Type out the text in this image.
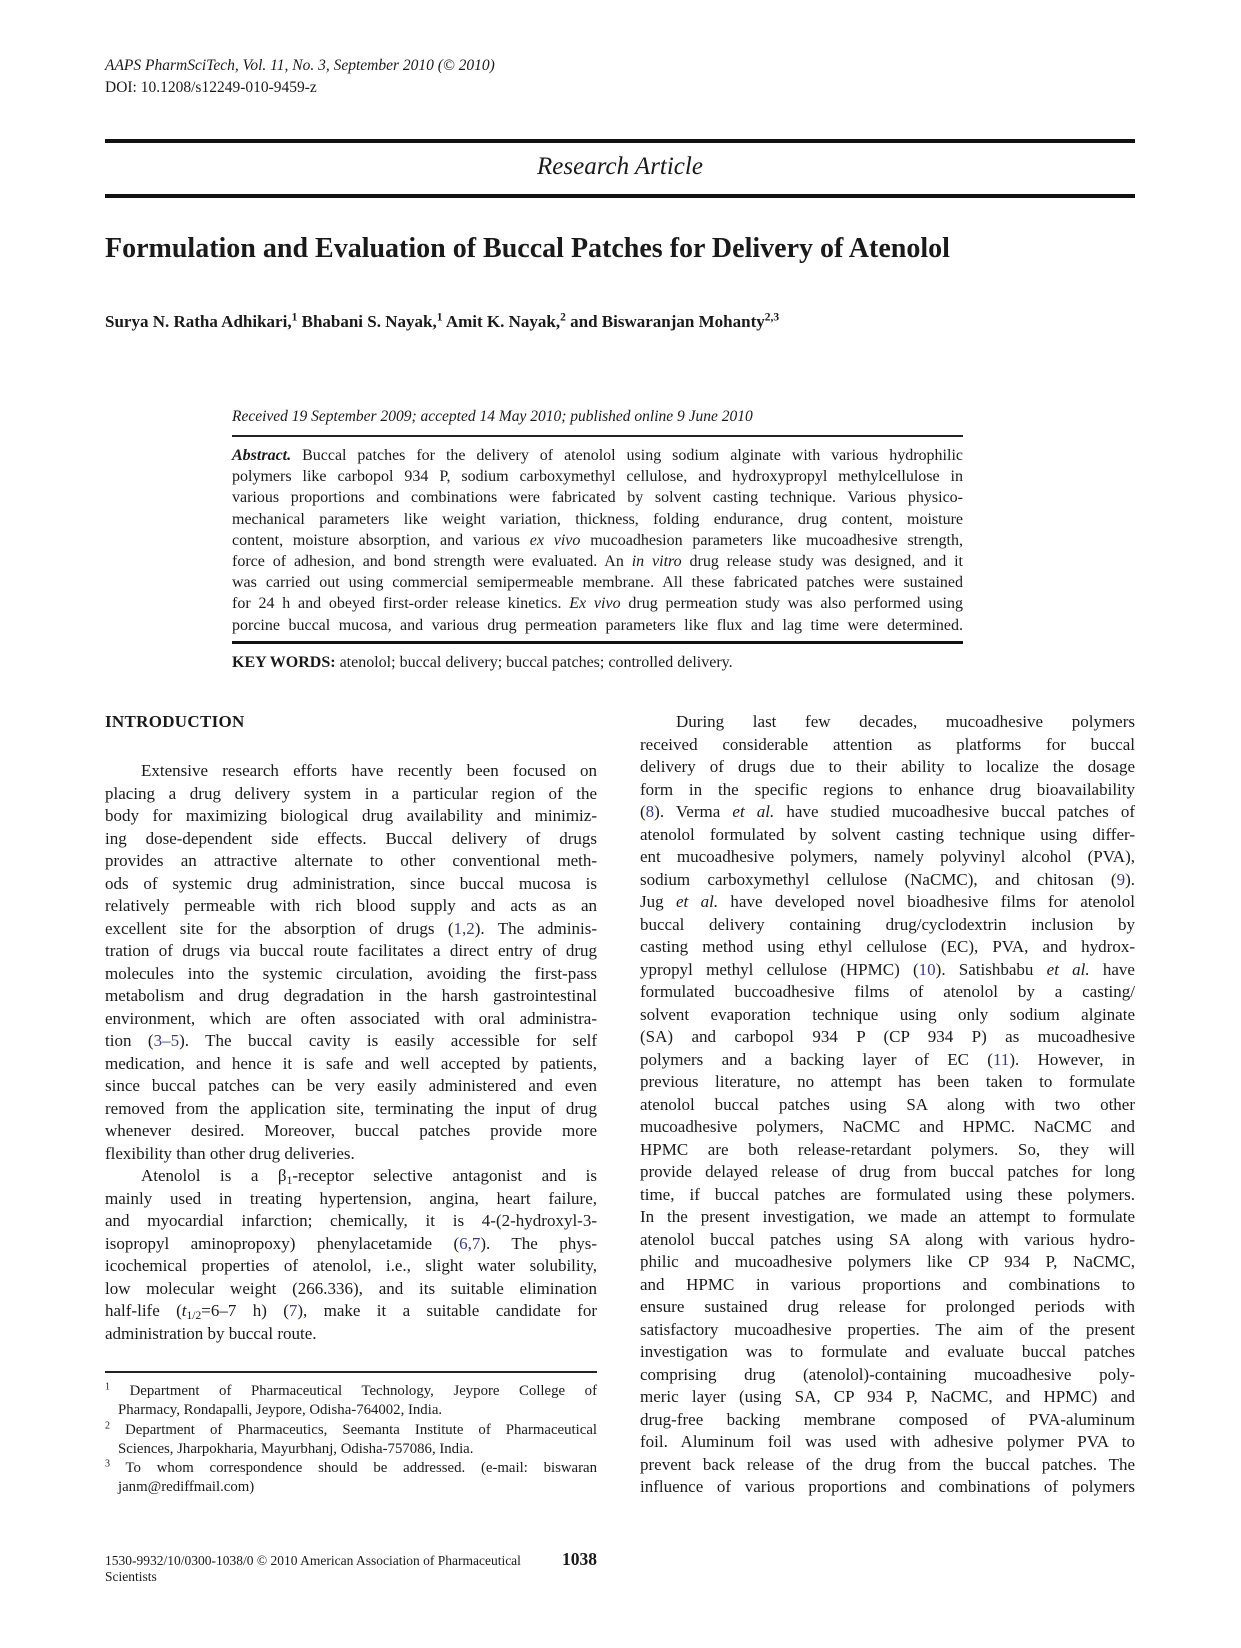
AAPS PharmSciTech, Vol. 11, No. 3, September 2010 (© 2010)
DOI: 10.1208/s12249-010-9459-z
Research Article
Formulation and Evaluation of Buccal Patches for Delivery of Atenolol
Surya N. Ratha Adhikari,$^1$ Bhabani S. Nayak,$^1$ Amit K. Nayak,$^2$ and Biswaranjan Mohanty$^{2,3}$
Received 19 September 2009; accepted 14 May 2010; published online 9 June 2010
Abstract. Buccal patches for the delivery of atenolol using sodium alginate with various hydrophilic
polymers like carbopol 934 P, sodium carboxymethyl cellulose, and hydroxypropyl methylcellulose in
various proportions and combinations were fabricated by solvent casting technique. Various physico-
mechanical parameters like weight variation, thickness, folding endurance, drug content, moisture
content, moisture absorption, and various ex vivo mucoadhesion parameters like mucoadhesive strength,
force of adhesion, and bond strength were evaluated. An in vitro drug release study was designed, and it
was carried out using commercial semipermeable membrane. All these fabricated patches were sustained
for 24 h and obeyed first-order release kinetics. Ex vivo drug permeation study was also performed using
porcine buccal mucosa, and various drug permeation parameters like flux and lag time were determined.
KEY WORDS: atenolol; buccal delivery; buccal patches; controlled delivery.
INTRODUCTION
Extensive research efforts have recently been focused on
placing a drug delivery system in a particular region of the
body for maximizing biological drug availability and minimiz-
ing dose-dependent side effects. Buccal delivery of drugs
provides an attractive alternate to other conventional meth-
ods of systemic drug administration, since buccal mucosa is
relatively permeable with rich blood supply and acts as an
excellent site for the absorption of drugs (1,2). The adminis-
tration of drugs via buccal route facilitates a direct entry of drug
molecules into the systemic circulation, avoiding the first-pass
metabolism and drug degradation in the harsh gastrointestinal
environment, which are often associated with oral administra-
tion (3–5). The buccal cavity is easily accessible for self
medication, and hence it is safe and well accepted by patients,
since buccal patches can be very easily administered and even
removed from the application site, terminating the input of drug
whenever desired. Moreover, buccal patches provide more
flexibility than other drug deliveries.
Atenolol is a $\beta_1$-receptor selective antagonist and is
mainly used in treating hypertension, angina, heart failure,
and myocardial infarction; chemically, it is 4-(2-hydroxyl-3-
isopropyl aminopropoxy) phenylacetamide (6,7). The phys-
icochemical properties of atenolol, i.e., slight water solubility,
low molecular weight (266.336), and its suitable elimination
half-life ($t_{1/2}=6-7$ h) (7), make it a suitable candidate for
administration by buccal route.
$^1$ Department of Pharmaceutical Technology, Jeypore College of
Pharmacy, Rondapalli, Jeypore, Odisha-764002, India.
$^2$ Department of Pharmaceutics, Seemanta Institute of Pharmaceutical
Sciences, Jharpokharia, Mayurbhanj, Odisha-757086, India.
$^3$ To whom correspondence should be addressed. (e-mail: biswaran
janm@rediffmail.com)
During last few decades, mucoadhesive polymers
received considerable attention as platforms for buccal
delivery of drugs due to their ability to localize the dosage
form in the specific regions to enhance drug bioavailability
(8). Verma et al. have studied mucoadhesive buccal patches of
atenolol formulated by solvent casting technique using differ-
ent mucoadhesive polymers, namely polyvinyl alcohol (PVA),
sodium carboxymethyl cellulose (NaCMC), and chitosan (9).
Jug et al. have developed novel bioadhesive films for atenolol
buccal delivery containing drug/cyclodextrin inclusion by
casting method using ethyl cellulose (EC), PVA, and hydrox-
ypropyl methyl cellulose (HPMC) (10). Satishbabu et al. have
formulated buccoadhesive films of atenolol by a casting/
solvent evaporation technique using only sodium alginate
(SA) and carbopol 934 P (CP 934 P) as mucoadhesive
polymers and a backing layer of EC (11). However, in
previous literature, no attempt has been taken to formulate
atenolol buccal patches using SA along with two other
mucoadhesive polymers, NaCMC and HPMC. NaCMC and
HPMC are both release-retardant polymers. So, they will
provide delayed release of drug from buccal patches for long
time, if buccal patches are formulated using these polymers.
In the present investigation, we made an attempt to formulate
atenolol buccal patches using SA along with various hydro-
philic and mucoadhesive polymers like CP 934 P, NaCMC,
and HPMC in various proportions and combinations to
ensure sustained drug release for prolonged periods with
satisfactory mucoadhesive properties. The aim of the present
investigation was to formulate and evaluate buccal patches
comprising drug (atenolol)-containing mucoadhesive poly-
meric layer (using SA, CP 934 P, NaCMC, and HPMC) and
drug-free backing membrane composed of PVA-aluminum
foil. Aluminum foil was used with adhesive polymer PVA to
prevent back release of the drug from the buccal patches. The
influence of various proportions and combinations of polymers
1530-9932/10/0300-1038/0 © 2010 American Association of Pharmaceutical Scientists
1038
